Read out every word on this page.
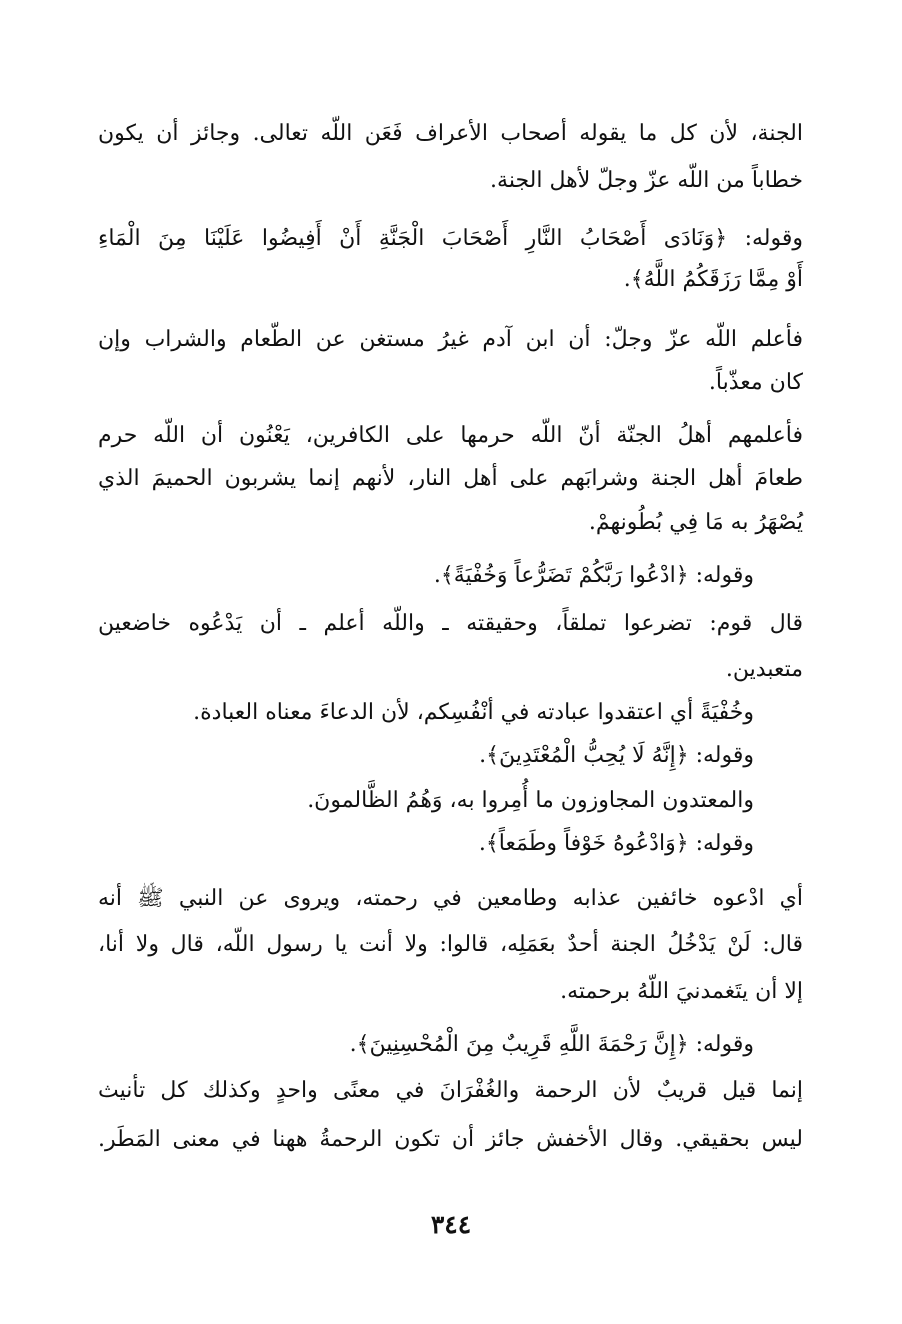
الجنة، لأن كل ما يقوله أصحاب الأعراف فَعَن اللّه تعالى. وجائز أن يكون
خطاباً من اللّه عزّ وجلّ لأهل الجنة.
وقوله: ﴿وَنَادَى أَصْحَابُ النَّارِ أَصْحَابَ الْجَنَّةِ أَنْ أَفِيضُوا عَلَيْنَا مِنَ الْمَاءِ
أَوْ مِمَّا رَزَقَكُمُ اللَّهُ﴾.
فأعلم اللّه عزّ وجلّ: أن ابن آدم غيرُ مستغن عن الطّعام والشراب وإن
كان معذّباً.
فأعلمهم أهلُ الجنّة أنّ اللّه حرمها على الكافرين، يَعْنُون أن اللّه حرم
طعامَ أهل الجنة وشرابَهم على أهل النار، لأنهم إنما يشربون الحميمَ الذي
يُصْهَرُ به مَا فِي بُطُونهمْ.
وقوله: ﴿ادْعُوا رَبَّكُمْ تَضَرُّعاً وَخُفْيَةً﴾.
قال قوم: تضرعوا تملقاً، وحقيقته ـ واللّه أعلم ـ أن يَدْعُوه خاضعين
متعبدين.
وخُفْيَةً أي اعتقدوا عبادته في أنْفُسِكم، لأن الدعاءَ معناه العبادة.
وقوله: ﴿إِنَّهُ لَا يُحِبُّ الْمُعْتَدِينَ﴾.
والمعتدون المجاوزون ما أُمِروا به، وَهُمُ الظَّالمونَ.
وقوله: ﴿وَادْعُوهُ خَوْفاً وطَمَعاً﴾.
أي ادْعوه خائفين عذابه وطامعين في رحمته، ويروى عن النبي ﷺ أنه
قال: لَنْ يَدْخُلُ الجنة أحدٌ بعَمَلِه، قالوا: ولا أنت يا رسول اللّه، قال ولا أنا،
إلا أن يتَغمدنيَ اللّهُ برحمته.
وقوله: ﴿إِنَّ رَحْمَةَ اللَّهِ قَرِيبٌ مِنَ الْمُحْسِنِينَ﴾.
إنما قيل قريبٌ لأن الرحمة والغُفْرَانَ في معنًى واحدٍ وكذلك كل تأنيث
ليس بحقيقي. وقال الأخفش جائز أن تكون الرحمةُ ههنا في معنى المَطَر.
٣٤٤
